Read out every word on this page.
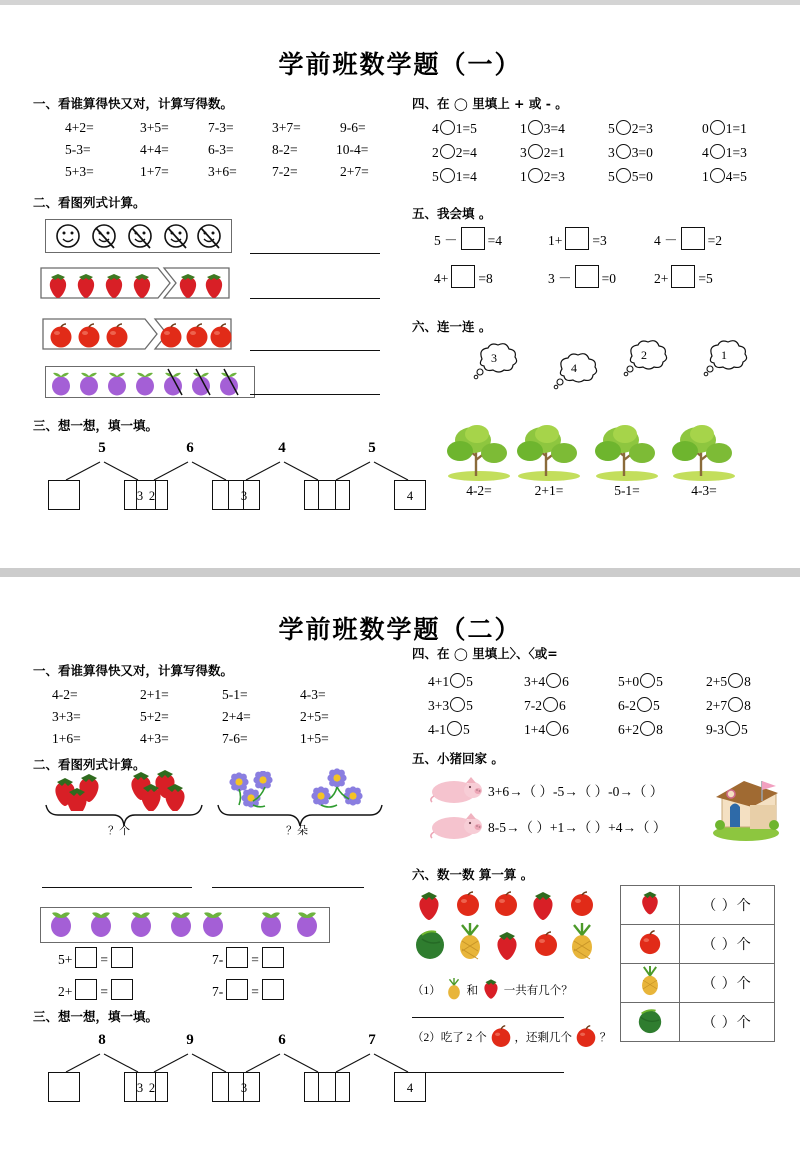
学前班数学题（一）
一、看谁算得快又对，计算写得数。
4+2=	3+5=	7-3=	3+7=	9-6=
5-3=	4+4=	6-3=	8-2=	10-4=
5+3=	1+7=	3+6=	7-2=	2+7=
二、看图列式计算。
三、想一想，填一填。
5
3
6
2
4
3
5
4
四、在 ◯ 里填上 + 或 - 。
4 1=5	1 3=4	5 2=3	0 1=1
2 2=4	3 2=1	3 3=0	4 1=3
5 1=4	1 2=3	5 5=0	1 4=5
五、我会填 。
5 － =4	1+ =3	4 － =2
4+ =8	3 － =0	2+ =5
六、连一连 。
3
4
2	1
4-2=	2+1=	5-1=	4-3=
学前班数学题（二）
一、看谁算得快又对，计算写得数。
4-2=	2+1=	5-1=	4-3=
3+3=	5+2=	2+4=	2+5=
1+6=	4+3=	7-6=	1+5=
二、看图列式计算。
？个	？朵
5+ =	7- =
2+ =	7- =
三、想一想，填一填。
8
3
9
2
6
3
7
4
四、在 ◯ 里填上〉、〈或=
4+1 5	3+4 6	5+0 5	2+5 8
3+3 5	7-2 6	6-2 5	2+7 8
4-1 5	1+4 6	6+2 8	9-3 5
五、小猪回家 。
3+6→（ ）-5→（ ）-0→（ ）
8-5→（ ）+1→（ ）+4→（ ）
六、数一数 算一算 。
（1） 和 一共有几个？
（2）吃了 2 个 ，还剩几个 ？
	（ ）个
	（ ）个
	（ ）个
	（ ）个
